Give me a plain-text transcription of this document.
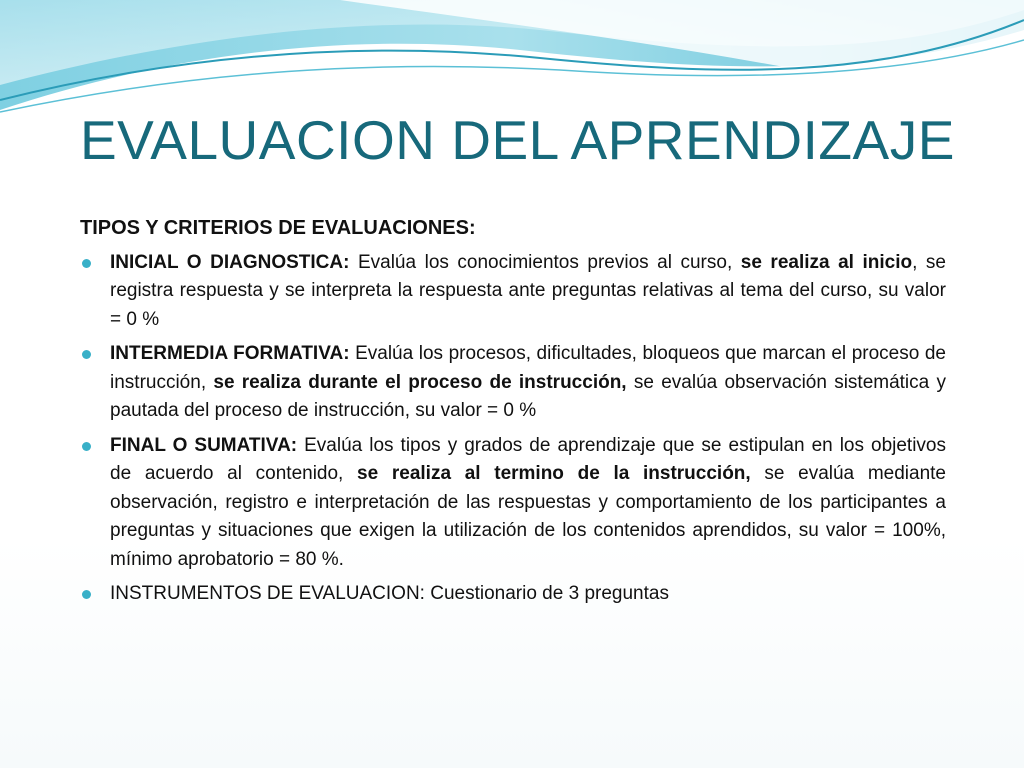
EVALUACION DEL APRENDIZAJE
TIPOS Y CRITERIOS DE EVALUACIONES:
INICIAL O DIAGNOSTICA: Evalúa los conocimientos previos al curso, se realiza al inicio, se registra respuesta y se interpreta la respuesta ante preguntas relativas al tema del curso, su valor = 0 %
INTERMEDIA FORMATIVA: Evalúa los procesos, dificultades, bloqueos que marcan el proceso de instrucción, se realiza durante el proceso de instrucción, se evalúa observación sistemática y pautada del proceso de instrucción, su valor = 0 %
FINAL O SUMATIVA: Evalúa los tipos y grados de aprendizaje que se estipulan en los objetivos de acuerdo al contenido, se realiza al termino de la instrucción, se evalúa mediante observación, registro e interpretación de las respuestas y comportamiento de los participantes a preguntas y situaciones que exigen la utilización de los contenidos aprendidos, su valor = 100%, mínimo aprobatorio = 80 %.
INSTRUMENTOS DE EVALUACION: Cuestionario de 3 preguntas
